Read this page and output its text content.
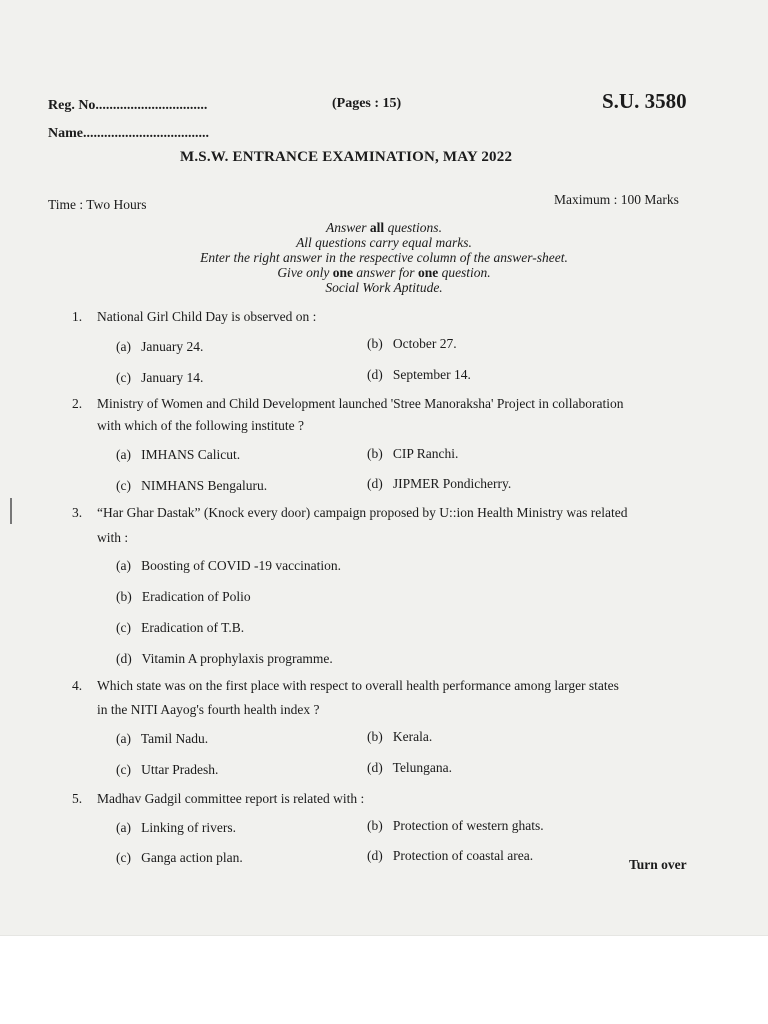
Reg. No................................	(Pages : 15)	S.U. 3580
Name....................................
M.S.W. ENTRANCE EXAMINATION, MAY 2022
Time : Two Hours	Maximum : 100 Marks
Answer all questions.
All questions carry equal marks.
Enter the right answer in the respective column of the answer-sheet.
Give only one answer for one question.
Social Work Aptitude.
1. National Girl Child Day is observed on :
(a) January 24.	(b) October 27.
(c) January 14.	(d) September 14.
2. Ministry of Women and Child Development launched 'Stree Manoraksha' Project in collaboration
with which of the following institute ?
(a) IMHANS Calicut.	(b) CIP Ranchi.
(c) NIMHANS Bengaluru.	(d) JIPMER Pondicherry.
3. “Har Ghar Dastak” (Knock every door) campaign proposed by U::ion Health Ministry was related
with :
(a) Boosting of COVID -19 vaccination.
(b) Eradication of Polio
(c) Eradication of T.B.
(d) Vitamin A prophylaxis programme.
4. Which state was on the first place with respect to overall health performance among larger states
in the NITI Aayog's fourth health index ?
(a) Tamil Nadu.	(b) Kerala.
(c) Uttar Pradesh.	(d) Telungana.
5. Madhav Gadgil committee report is related with :
(a) Linking of rivers.	(b) Protection of western ghats.
(c) Ganga action plan.	(d) Protection of coastal area.
Turn over
